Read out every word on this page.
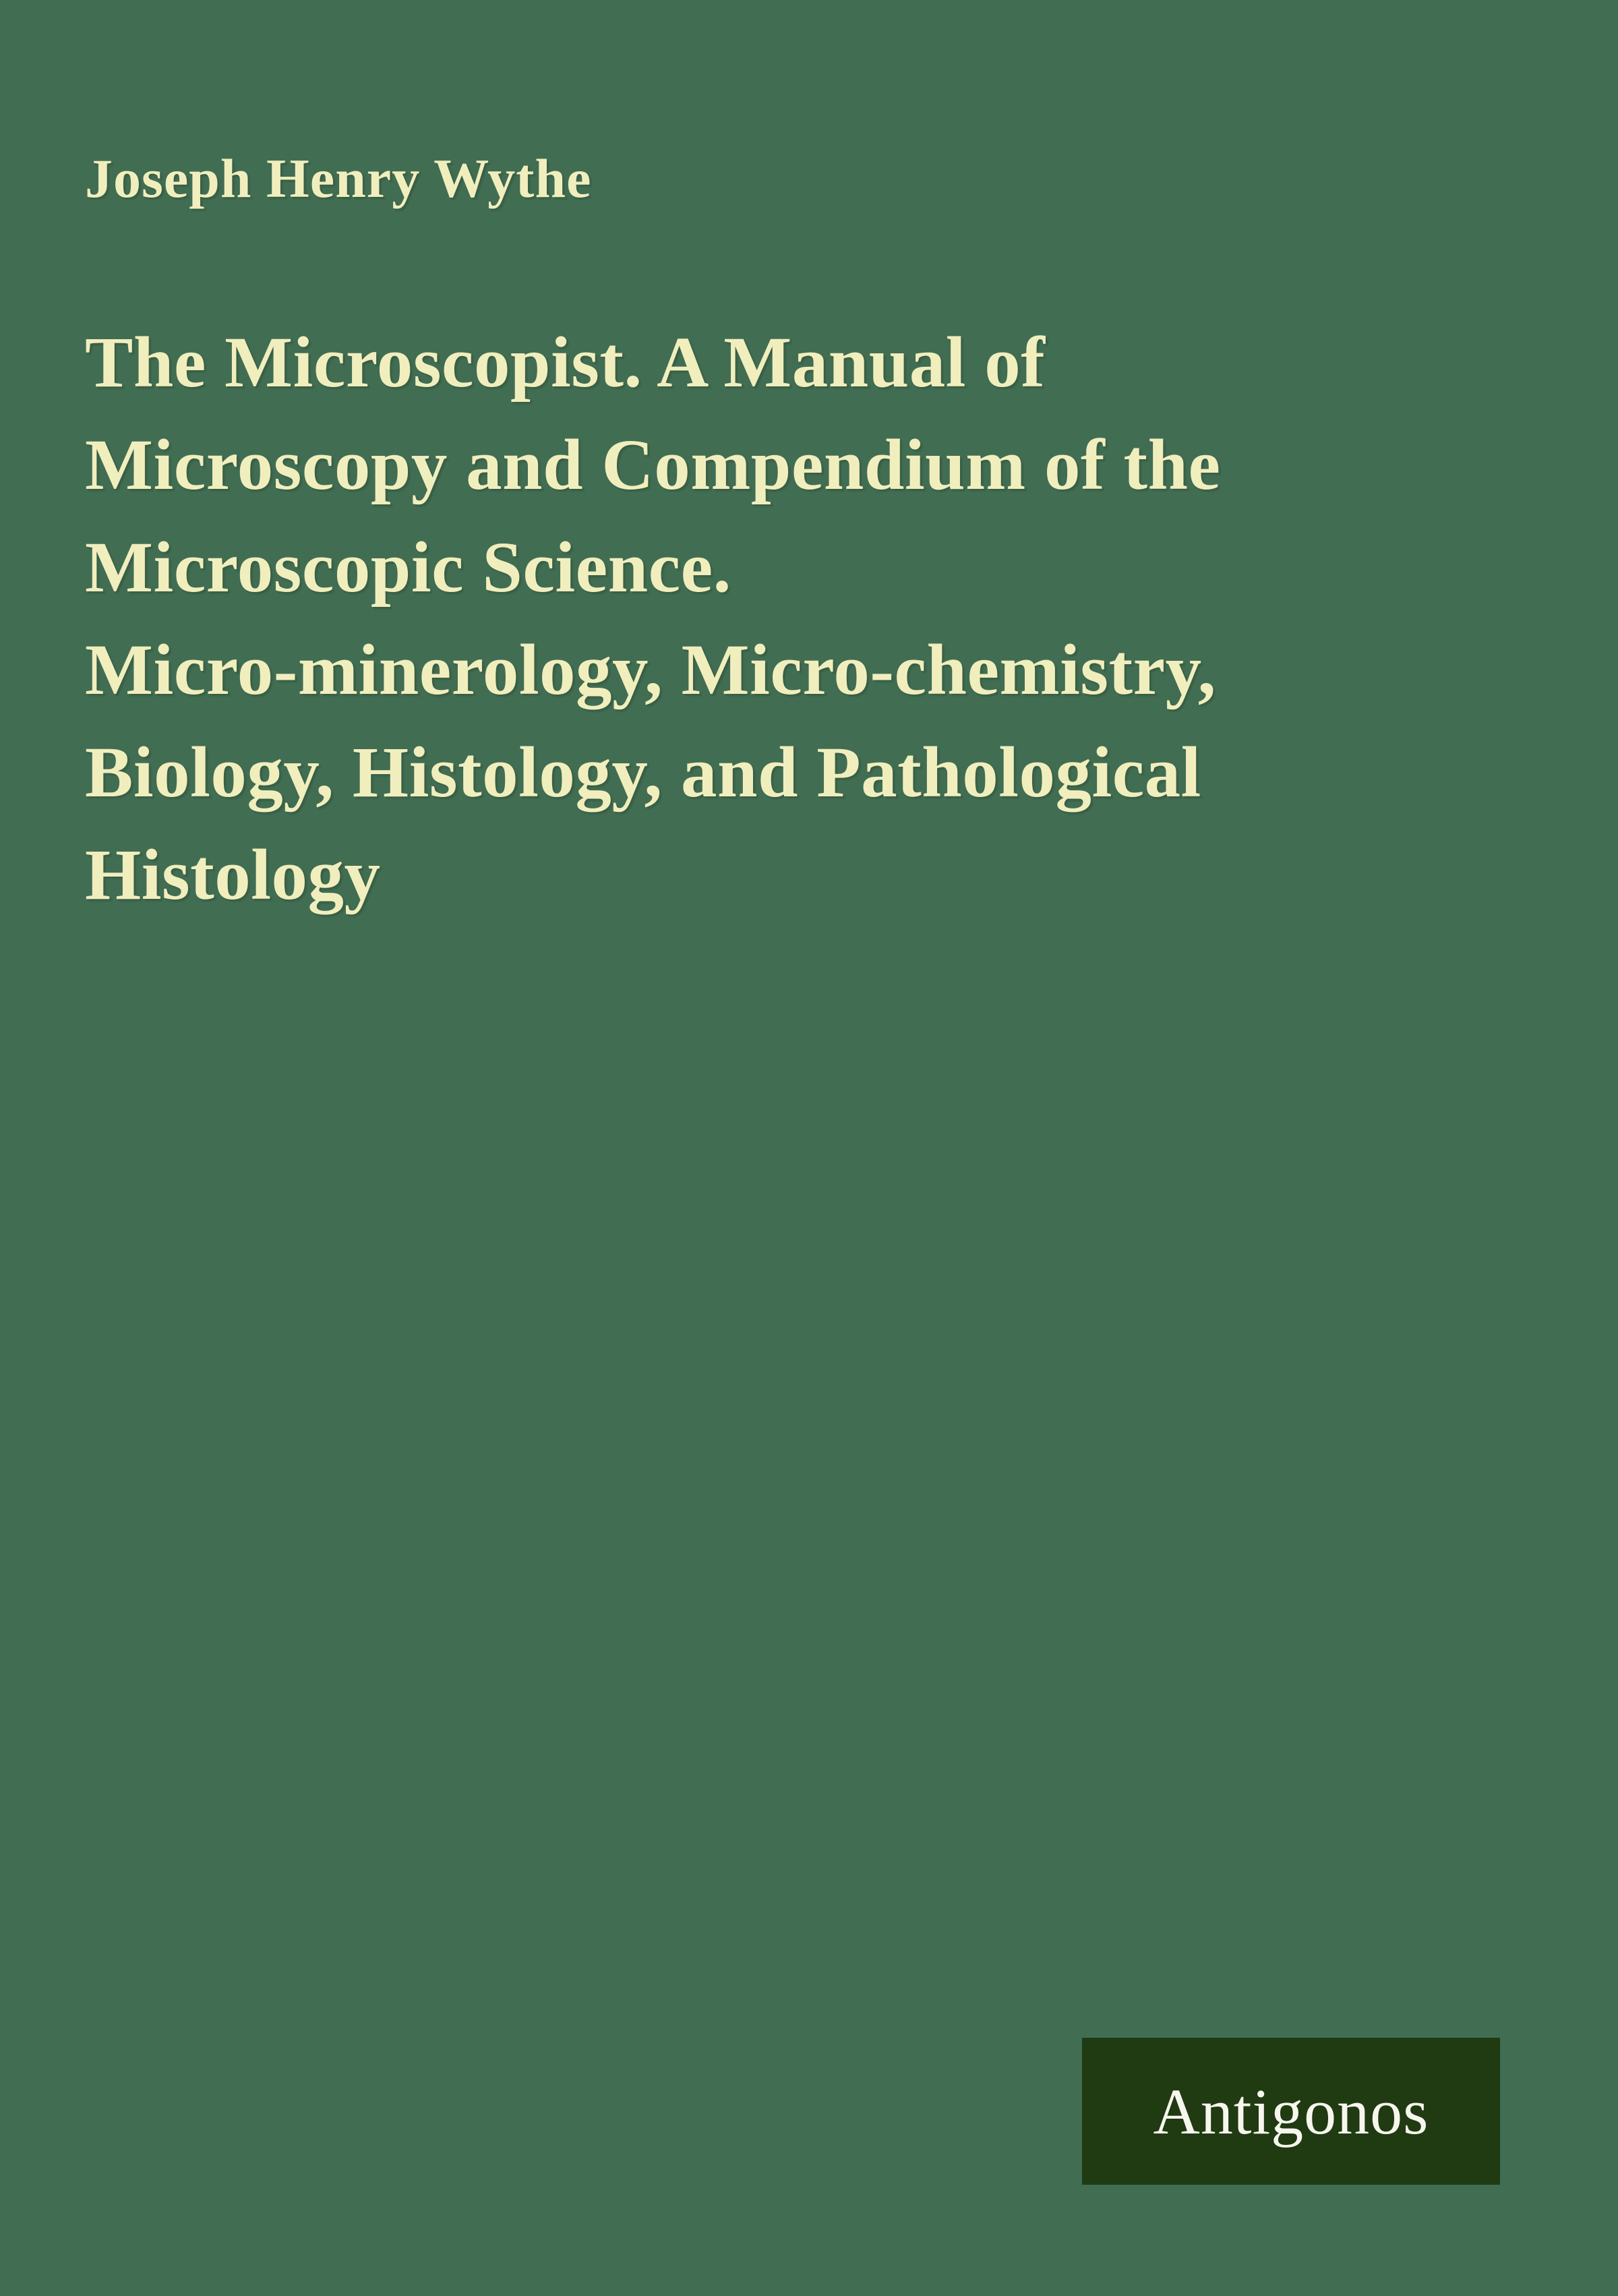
Joseph Henry Wythe
The Microscopist. A Manual of
Microscopy and Compendium of the
Microscopic Science.
Micro-minerology, Micro-chemistry,
Biology, Histology, and Pathological
Histology
Antigonos
